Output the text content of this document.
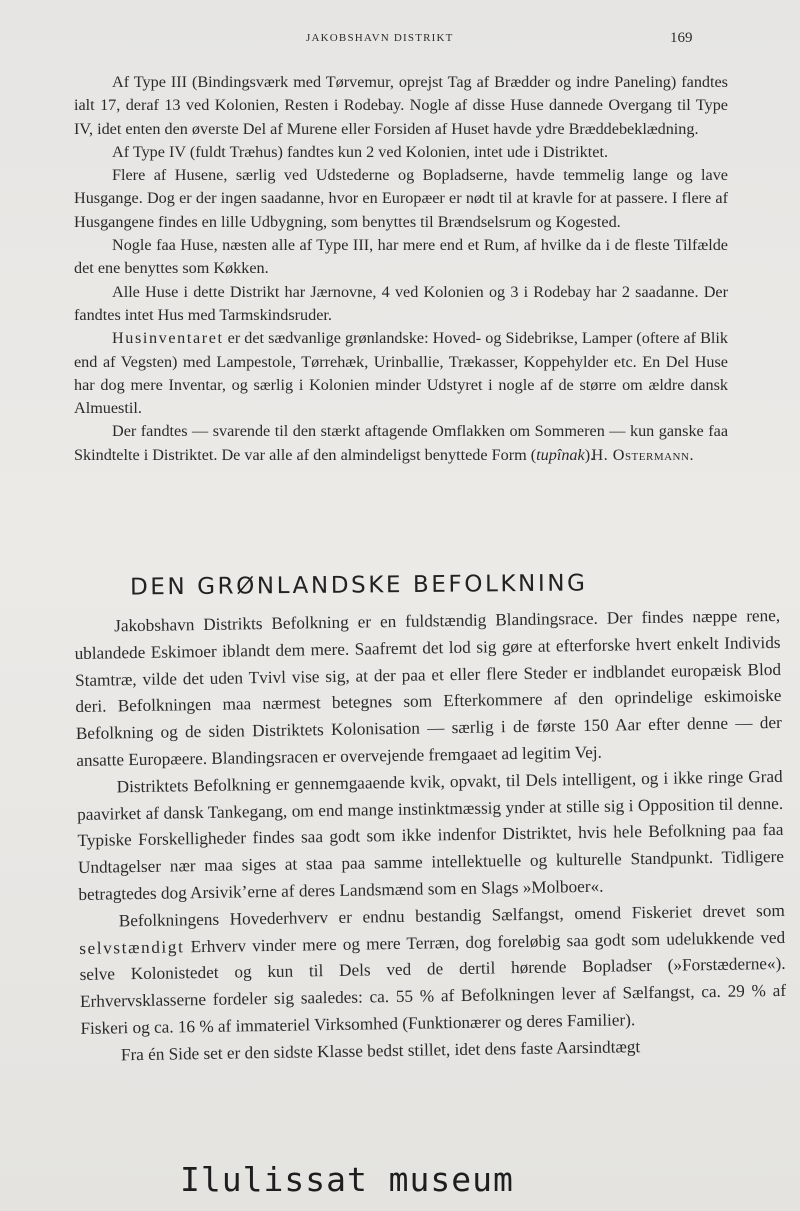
JAKOBSHAVN DISTRIKT	169

Af Type III (Bindingsværk med Tørvemur, oprejst Tag af Brædder og indre Paneling) fandtes ialt 17, deraf 13 ved Kolonien, Resten i Rodebay. Nogle af disse Huse dannede Overgang til Type IV, idet enten den øverste Del af Murene eller Forsiden af Huset havde ydre Bræddebeklædning.

Af Type IV (fuldt Træhus) fandtes kun 2 ved Kolonien, intet ude i Distriktet.

Flere af Husene, særlig ved Udstederne og Bopladserne, havde temmelig lange og lave Husgange. Dog er der ingen saadanne, hvor en Europæer er nødt til at kravle for at passere. I flere af Husgangene findes en lille Udbygning, som benyttes til Brændselsrum og Kogested.

Nogle faa Huse, næsten alle af Type III, har mere end et Rum, af hvilke da i de fleste Tilfælde det ene benyttes som Køkken.

Alle Huse i dette Distrikt har Jærnovne, 4 ved Kolonien og 3 i Rodebay har 2 saadanne. Der fandtes intet Hus med Tarmskindsruder.

Husinventaret er det sædvanlige grønlandske: Hoved- og Sidebrikse, Lamper (oftere af Blik end af Vegsten) med Lampestole, Tørrehæk, Urinballie, Trækasser, Koppehylder etc. En Del Huse har dog mere Inventar, og særlig i Kolonien minder Udstyret i nogle af de større om ældre dansk Almuestil.

Der fandtes — svarende til den stærkt aftagende Omflakken om Sommeren — kun ganske faa Skindtelte i Distriktet. De var alle af den almindeligst benyttede Form (tupînak).
H. Ostermann.

DEN GRØNLANDSKE BEFOLKNING

Jakobshavn Distrikts Befolkning er en fuldstændig Blandingsrace. Der findes næppe rene, ublandede Eskimoer iblandt dem mere. Saafremt det lod sig gøre at efterforske hvert enkelt Individs Stamtræ, vilde det uden Tvivl vise sig, at der paa et eller flere Steder er indblandet europæisk Blod deri. Befolkningen maa nærmest betegnes som Efterkommere af den oprindelige eskimoiske Befolkning og de siden Distriktets Kolonisation — særlig i de første 150 Aar efter denne — der ansatte Europæere. Blandingsracen er overvejende fremgaaet ad legitim Vej.

Distriktets Befolkning er gennemgaaende kvik, opvakt, til Dels intelligent, og i ikke ringe Grad paavirket af dansk Tankegang, om end mange instinktmæssig ynder at stille sig i Opposition til denne. Typiske Forskelligheder findes saa godt som ikke indenfor Distriktet, hvis hele Befolkning paa faa Undtagelser nær maa siges at staa paa samme intellektuelle og kulturelle Standpunkt. Tidligere betragtedes dog Arsivik’erne af deres Landsmænd som en Slags »Molboer«.

Befolkningens Hovederhverv er endnu bestandig Sælfangst, omend Fiskeriet drevet som selvstændigt Erhverv vinder mere og mere Terræn, dog foreløbig saa godt som udelukkende ved selve Kolonistedet og kun til Dels ved de dertil hørende Bopladser (»Forstæderne«). Erhvervsklasserne fordeler sig saaledes: ca. 55 % af Befolkningen lever af Sælfangst, ca. 29 % af Fiskeri og ca. 16 % af immateriel Virksomhed (Funktionærer og deres Familier).

Fra én Side set er den sidste Klasse bedst stillet, idet dens faste Aarsindtægt

Ilulissat museum
